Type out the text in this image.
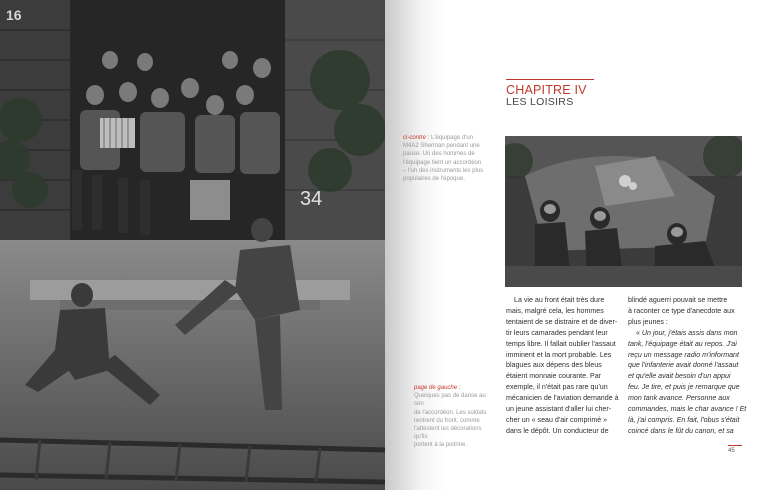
16
34
ci-contre : L'équipage d'un
M4A2 Sherman pendant une
pause. Un des hommes de
l'équipage tient un accordéon
– l'un des instruments les plus
populaires de l'époque.
page de gauche :
Quelques pas de danse au son
de l'accordéon. Les soldats
rentrent du front, comme
l'attestent les décorations qu'ils
portent à la poitrine.
CHAPITRE IV
LES LOISIRS

La vie au front était très dure

mais, malgré cela, les hommes

tentaient de se distraire et de diver-

tir leurs camarades pendant leur

temps libre. Il fallait oublier l'assaut

imminent et la mort probable. Les

blagues aux dépens des bleus

étaient monnaie courante. Par

exemple, il n'était pas rare qu'un

mécanicien de l'aviation demande à

un jeune assistant d'aller lui cher-

cher un « seau d'air comprimé »

dans le dépôt. Un conducteur de

blindé aguerri pouvait se mettre

à raconter ce type d'anecdote aux

plus jeunes :

« Un jour, j'étais assis dans mon

tank, l'équipage était au repos. J'ai

reçu un message radio m'informant

que l'infanterie avait donné l'assaut

et qu'elle avait besoin d'un appui

feu. Je tire, et puis je remarque que

mon tank avance. Personne aux

commandes, mais le char avance ! Et

là, j'ai compris. En fait, l'obus s'était

coincé dans le fût du canon, et sa

45
